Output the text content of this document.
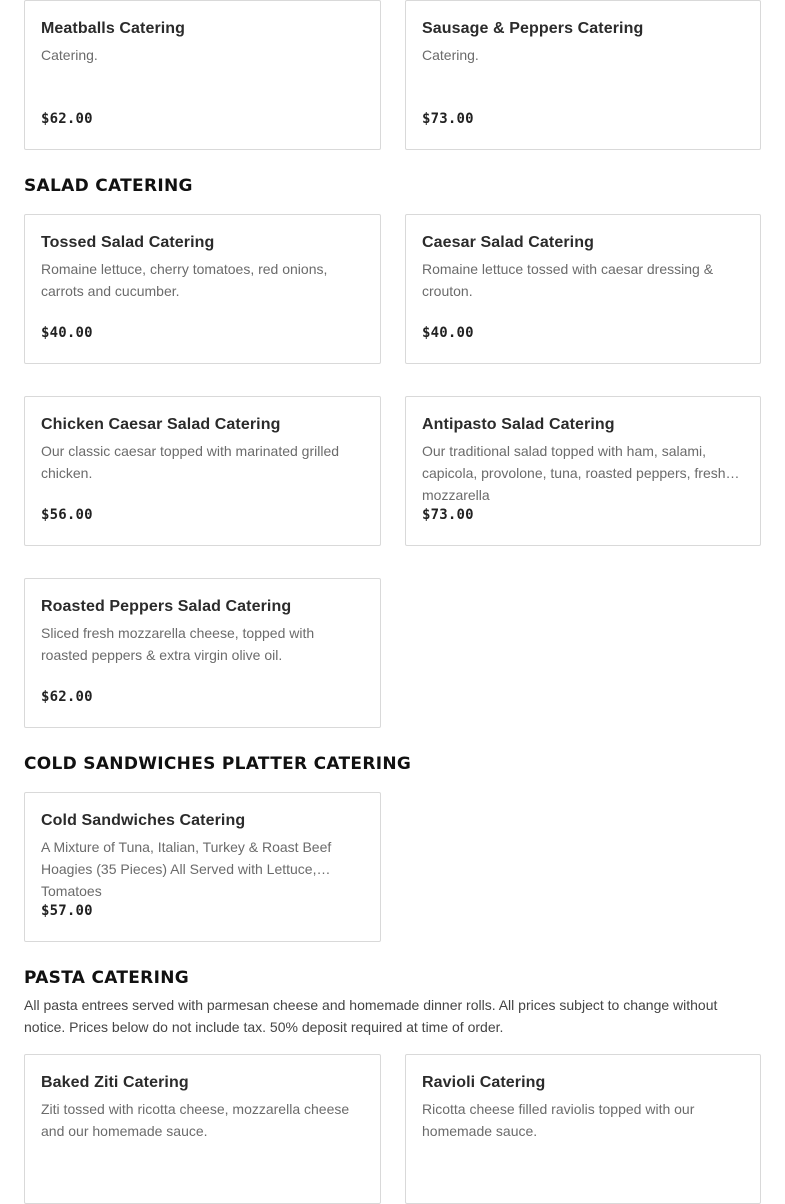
Meatballs Catering
Catering.
$62.00
Sausage & Peppers Catering
Catering.
$73.00
SALAD CATERING
Tossed Salad Catering
Romaine lettuce, cherry tomatoes, red onions, carrots and cucumber.
$40.00
Caesar Salad Catering
Romaine lettuce tossed with caesar dressing & crouton.
$40.00
Chicken Caesar Salad Catering
Our classic caesar topped with marinated grilled chicken.
$56.00
Antipasto Salad Catering
Our traditional salad topped with ham, salami, capicola, provolone, tuna, roasted peppers, fresh mozzarella
$73.00
Roasted Peppers Salad Catering
Sliced fresh mozzarella cheese, topped with roasted peppers & extra virgin olive oil.
$62.00
COLD SANDWICHES PLATTER CATERING
Cold Sandwiches Catering
A Mixture of Tuna, Italian, Turkey & Roast Beef Hoagies (35 Pieces) All Served with Lettuce, Tomatoes
$57.00
PASTA CATERING
All pasta entrees served with parmesan cheese and homemade dinner rolls. All prices subject to change without notice. Prices below do not include tax. 50% deposit required at time of order.
Baked Ziti Catering
Ziti tossed with ricotta cheese, mozzarella cheese and our homemade sauce.
Ravioli Catering
Ricotta cheese filled raviolis topped with our homemade sauce.
